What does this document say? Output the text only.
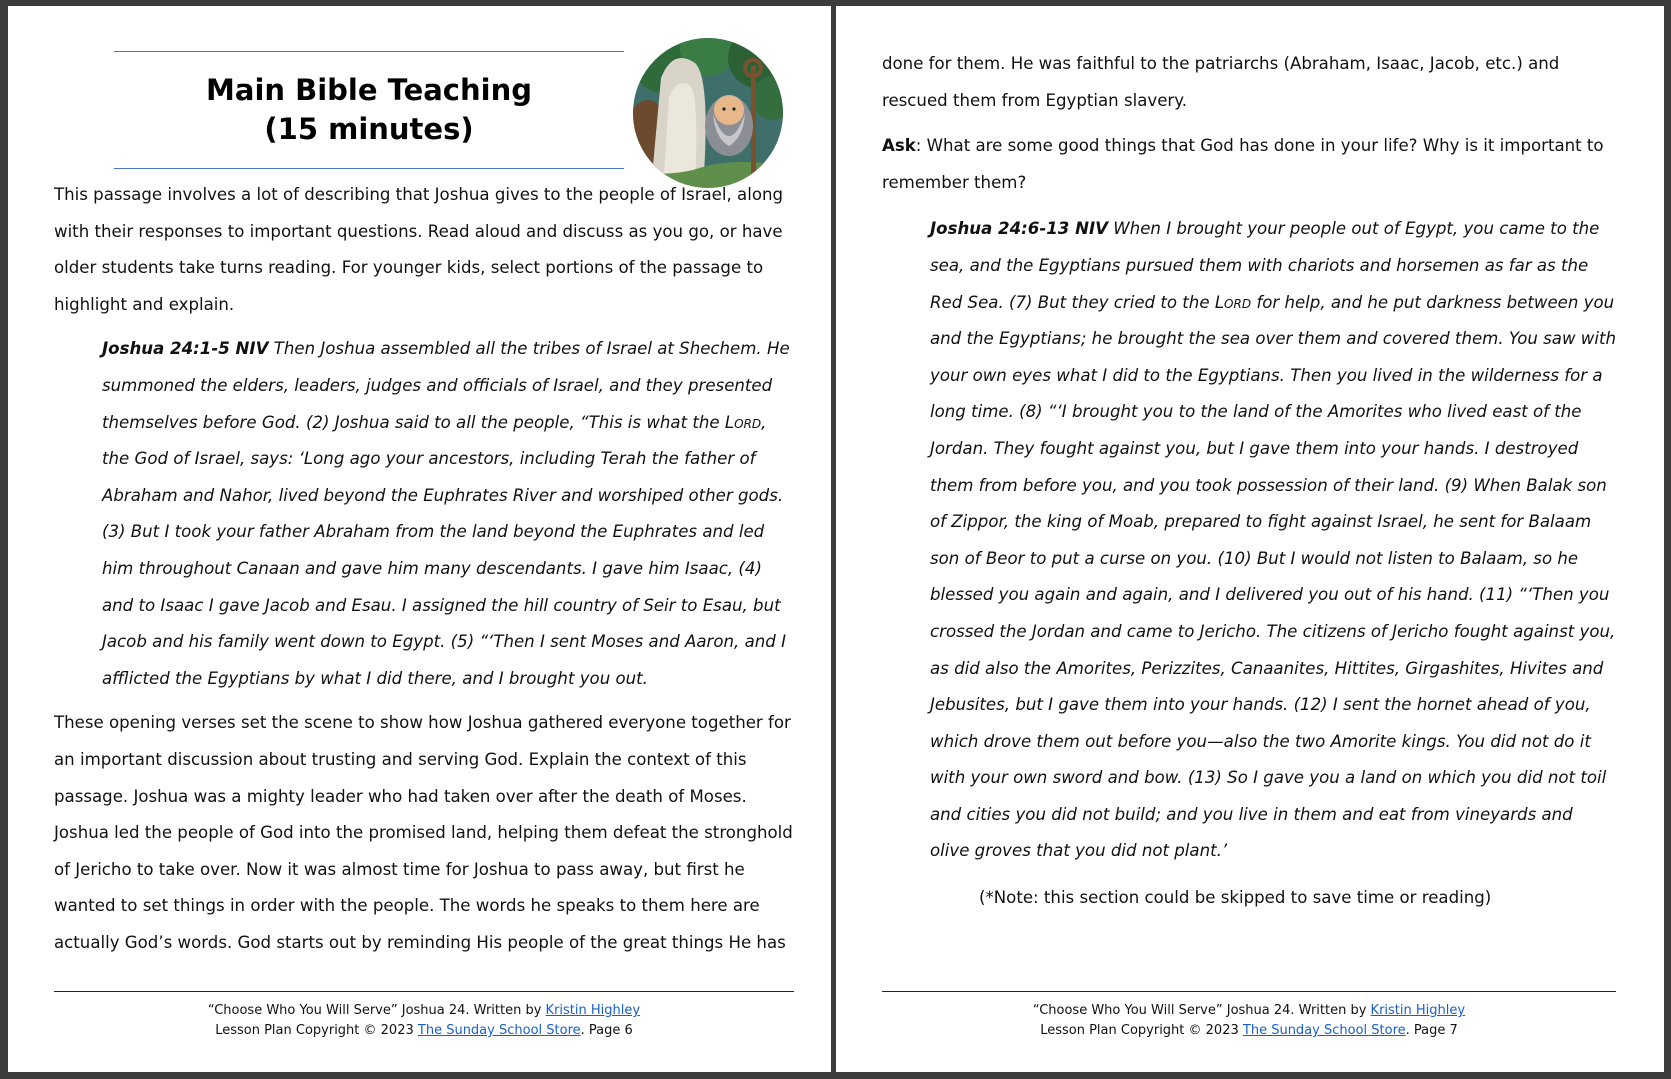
Main Bible Teaching
(15 minutes)

This passage involves a lot of describing that Joshua gives to the people of Israel, along with their responses to important questions. Read aloud and discuss as you go, or have older students take turns reading. For younger kids, select portions of the passage to highlight and explain.

Joshua 24:1-5 NIV Then Joshua assembled all the tribes of Israel at Shechem. He summoned the elders, leaders, judges and officials of Israel, and they presented themselves before God. (2) Joshua said to all the people, “This is what the Lord, the God of Israel, says: ‘Long ago your ancestors, including Terah the father of Abraham and Nahor, lived beyond the Euphrates River and worshiped other gods. (3) But I took your father Abraham from the land beyond the Euphrates and led him throughout Canaan and gave him many descendants. I gave him Isaac, (4) and to Isaac I gave Jacob and Esau. I assigned the hill country of Seir to Esau, but Jacob and his family went down to Egypt. (5) “‘Then I sent Moses and Aaron, and I afflicted the Egyptians by what I did there, and I brought you out.

These opening verses set the scene to show how Joshua gathered everyone together for an important discussion about trusting and serving God. Explain the context of this passage. Joshua was a mighty leader who had taken over after the death of Moses. Joshua led the people of God into the promised land, helping them defeat the stronghold of Jericho to take over. Now it was almost time for Joshua to pass away, but first he wanted to set things in order with the people. The words he speaks to them here are actually God’s words. God starts out by reminding His people of the great things He has

“Choose Who You Will Serve” Joshua 24. Written by Kristin Highley
Lesson Plan Copyright © 2023 The Sunday School Store. Page 6

done for them. He was faithful to the patriarchs (Abraham, Isaac, Jacob, etc.) and rescued them from Egyptian slavery.

Ask: What are some good things that God has done in your life? Why is it important to remember them?

Joshua 24:6-13 NIV When I brought your people out of Egypt, you came to the sea, and the Egyptians pursued them with chariots and horsemen as far as the Red Sea. (7) But they cried to the Lord for help, and he put darkness between you and the Egyptians; he brought the sea over them and covered them. You saw with your own eyes what I did to the Egyptians. Then you lived in the wilderness for a long time. (8) “‘I brought you to the land of the Amorites who lived east of the Jordan. They fought against you, but I gave them into your hands. I destroyed them from before you, and you took possession of their land. (9) When Balak son of Zippor, the king of Moab, prepared to fight against Israel, he sent for Balaam son of Beor to put a curse on you. (10) But I would not listen to Balaam, so he blessed you again and again, and I delivered you out of his hand. (11) “‘Then you crossed the Jordan and came to Jericho. The citizens of Jericho fought against you, as did also the Amorites, Perizzites, Canaanites, Hittites, Girgashites, Hivites and Jebusites, but I gave them into your hands. (12) I sent the hornet ahead of you, which drove them out before you—also the two Amorite kings. You did not do it with your own sword and bow. (13) So I gave you a land on which you did not toil and cities you did not build; and you live in them and eat from vineyards and olive groves that you did not plant.’

(*Note: this section could be skipped to save time or reading)

“Choose Who You Will Serve” Joshua 24. Written by Kristin Highley
Lesson Plan Copyright © 2023 The Sunday School Store. Page 7
